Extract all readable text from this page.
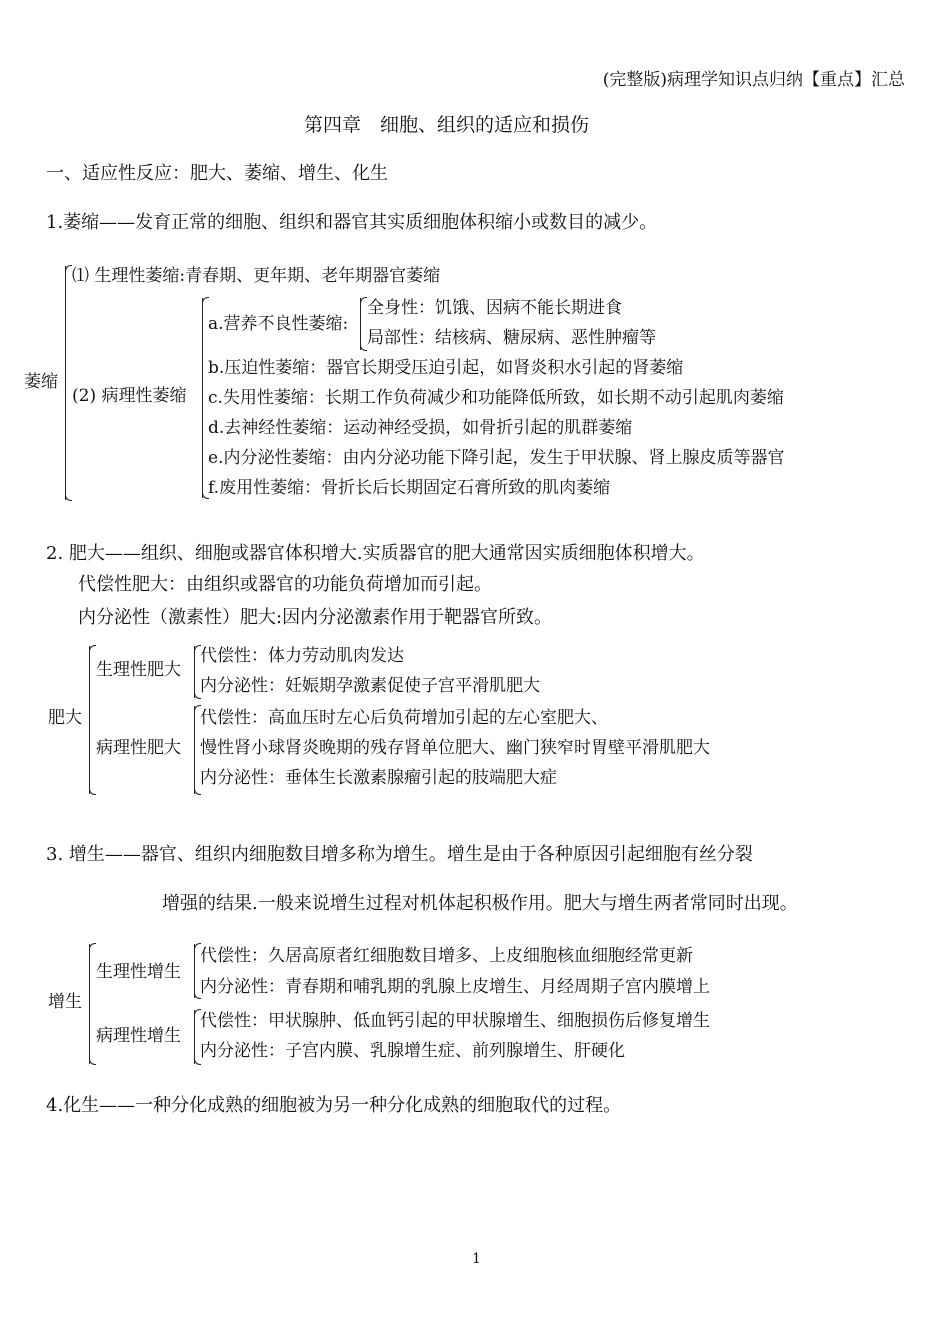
(完整版)病理学知识点归纳【重点】汇总
第四章　细胞、组织的适应和损伤
一、适应性反应：肥大、萎缩、增生、化生
1.萎缩——发育正常的细胞、组织和器官其实质细胞体积缩小或数目的减少。
萎缩
⑴ 生理性萎缩:青春期、更年期、老年期器官萎缩
(2) 病理性萎缩
a.营养不良性萎缩:
全身性：饥饿、因病不能长期进食
局部性：结核病、糖尿病、恶性肿瘤等
b.压迫性萎缩：器官长期受压迫引起，如肾炎积水引起的肾萎缩
c.失用性萎缩：长期工作负荷减少和功能降低所致，如长期不动引起肌肉萎缩
d.去神经性萎缩：运动神经受损，如骨折引起的肌群萎缩
e.内分泌性萎缩：由内分泌功能下降引起，发生于甲状腺、肾上腺皮质等器官
f.废用性萎缩：骨折长后长期固定石膏所致的肌肉萎缩
2. 肥大——组织、细胞或器官体积增大.实质器官的肥大通常因实质细胞体积增大。
代偿性肥大：由组织或器官的功能负荷增加而引起。
内分泌性（激素性）肥大:因内分泌激素作用于靶器官所致。
肥大
生理性肥大
代偿性：体力劳动肌肉发达
内分泌性：妊娠期孕激素促使子宫平滑肌肥大
病理性肥大
代偿性：高血压时左心后负荷增加引起的左心室肥大、
慢性肾小球肾炎晚期的残存肾单位肥大、幽门狭窄时胃壁平滑肌肥大
内分泌性：垂体生长激素腺瘤引起的肢端肥大症
3. 增生——器官、组织内细胞数目增多称为增生。增生是由于各种原因引起细胞有丝分裂
增强的结果.一般来说增生过程对机体起积极作用。肥大与增生两者常同时出现。
增生
生理性增生
代偿性：久居高原者红细胞数目增多、上皮细胞核血细胞经常更新
内分泌性：青春期和哺乳期的乳腺上皮增生、月经周期子宫内膜增上
病理性增生
代偿性：甲状腺肿、低血钙引起的甲状腺增生、细胞损伤后修复增生
内分泌性：子宫内膜、乳腺增生症、前列腺增生、肝硬化
4.化生——一种分化成熟的细胞被为另一种分化成熟的细胞取代的过程。
1
